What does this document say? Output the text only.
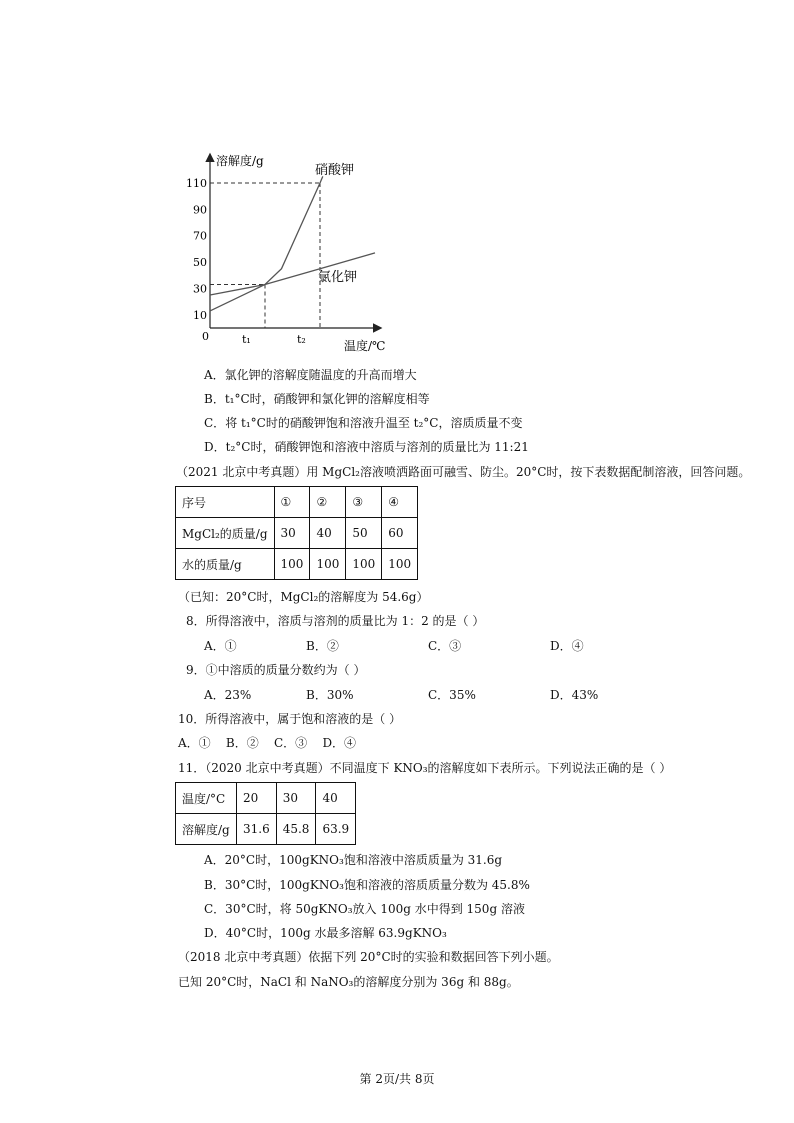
溶解度/g
温度/℃
0
10
30
50
70
90
110
t₁	t₂
硝酸钾
氯化钾
A．氯化钾的溶解度随温度的升高而增大
B．t₁°C时，硝酸钾和氯化钾的溶解度相等
C．将 t₁°C时的硝酸钾饱和溶液升温至 t₂°C，溶质质量不变
D．t₂°C时，硝酸钾饱和溶液中溶质与溶剂的质量比为 11:21
（2021 北京中考真题）用 MgCl₂溶液喷洒路面可融雪、防尘。20°C时，按下表数据配制溶液，回答问题。
序号	①	②	③	④
MgCl₂的质量/g	30	40	50	60
水的质量/g	100	100	100	100
（已知：20°C时，MgCl₂的溶解度为 54.6g）
8．所得溶液中，溶质与溶剂的质量比为 1：2 的是（ ）
A．①	B．②	C．③	D．④
9．①中溶质的质量分数约为（ ）
A．23%	B．30%	C．35%	D．43%
10．所得溶液中，属于饱和溶液的是（ ）
A．①    B．②    C．③    D．④
11．（2020 北京中考真题）不同温度下 KNO₃的溶解度如下表所示。下列说法正确的是（ ）
温度/°C	20	30	40
溶解度/g	31.6	45.8	63.9
A．20°C时，100gKNO₃饱和溶液中溶质质量为 31.6g
B．30°C时，100gKNO₃饱和溶液的溶质质量分数为 45.8%
C．30°C时，将 50gKNO₃放入 100g 水中得到 150g 溶液
D．40°C时，100g 水最多溶解 63.9gKNO₃
（2018 北京中考真题）依据下列 20°C时的实验和数据回答下列小题。
已知 20°C时，NaCl 和 NaNO₃的溶解度分别为 36g 和 88g。
第 2页/共 8页
